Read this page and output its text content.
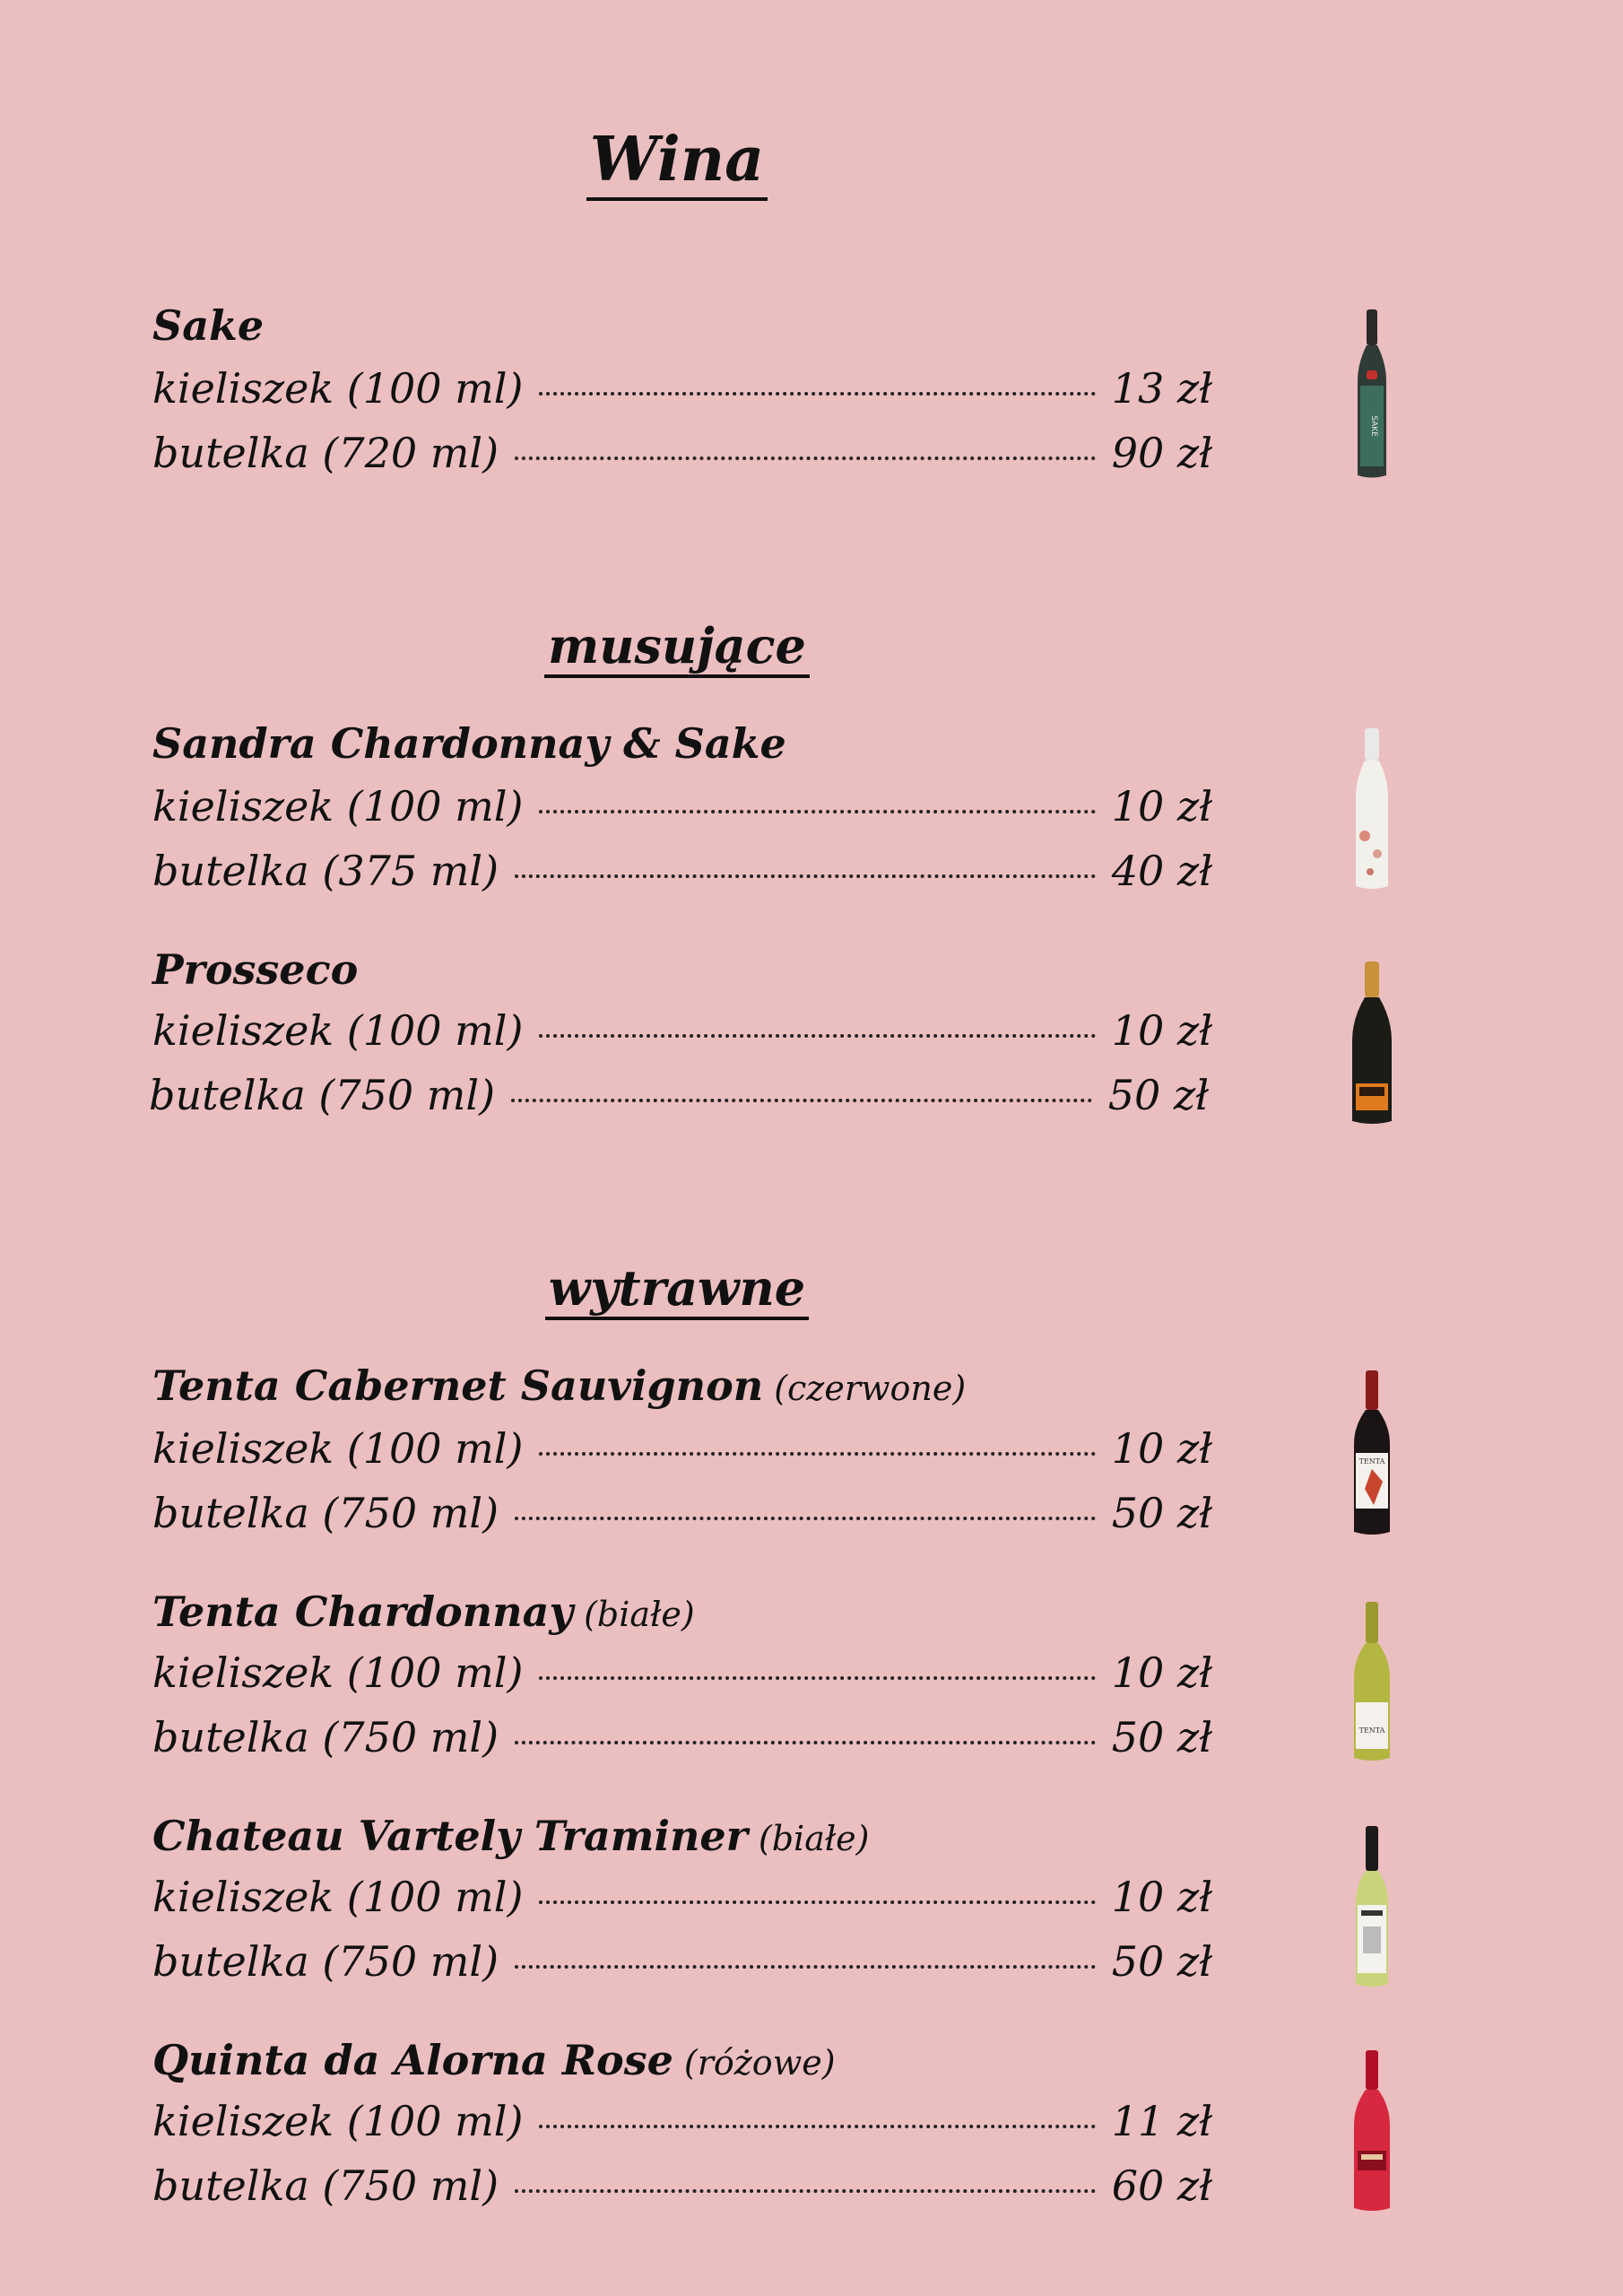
Wina
Sake
kieliszek (100 ml)	13 zł
butelka (720 ml)	90 zł
SAKE
musujące
Sandra Chardonnay & Sake
kieliszek (100 ml)	10 zł
butelka (375 ml)	40 zł
Prosseco
kieliszek (100 ml)	10 zł
butelka (750 ml)	50 zł
wytrawne
Tenta Cabernet Sauvignon (czerwone)
kieliszek (100 ml)	10 zł
butelka (750 ml)	50 zł
TENTA
Tenta Chardonnay (białe)
kieliszek (100 ml)	10 zł
butelka (750 ml)	50 zł	TENTA
Chateau Vartely Traminer (białe)
kieliszek (100 ml)	10 zł
butelka (750 ml)	50 zł
Quinta da Alorna Rose (różowe)
kieliszek (100 ml)	11 zł
butelka (750 ml)	60 zł
